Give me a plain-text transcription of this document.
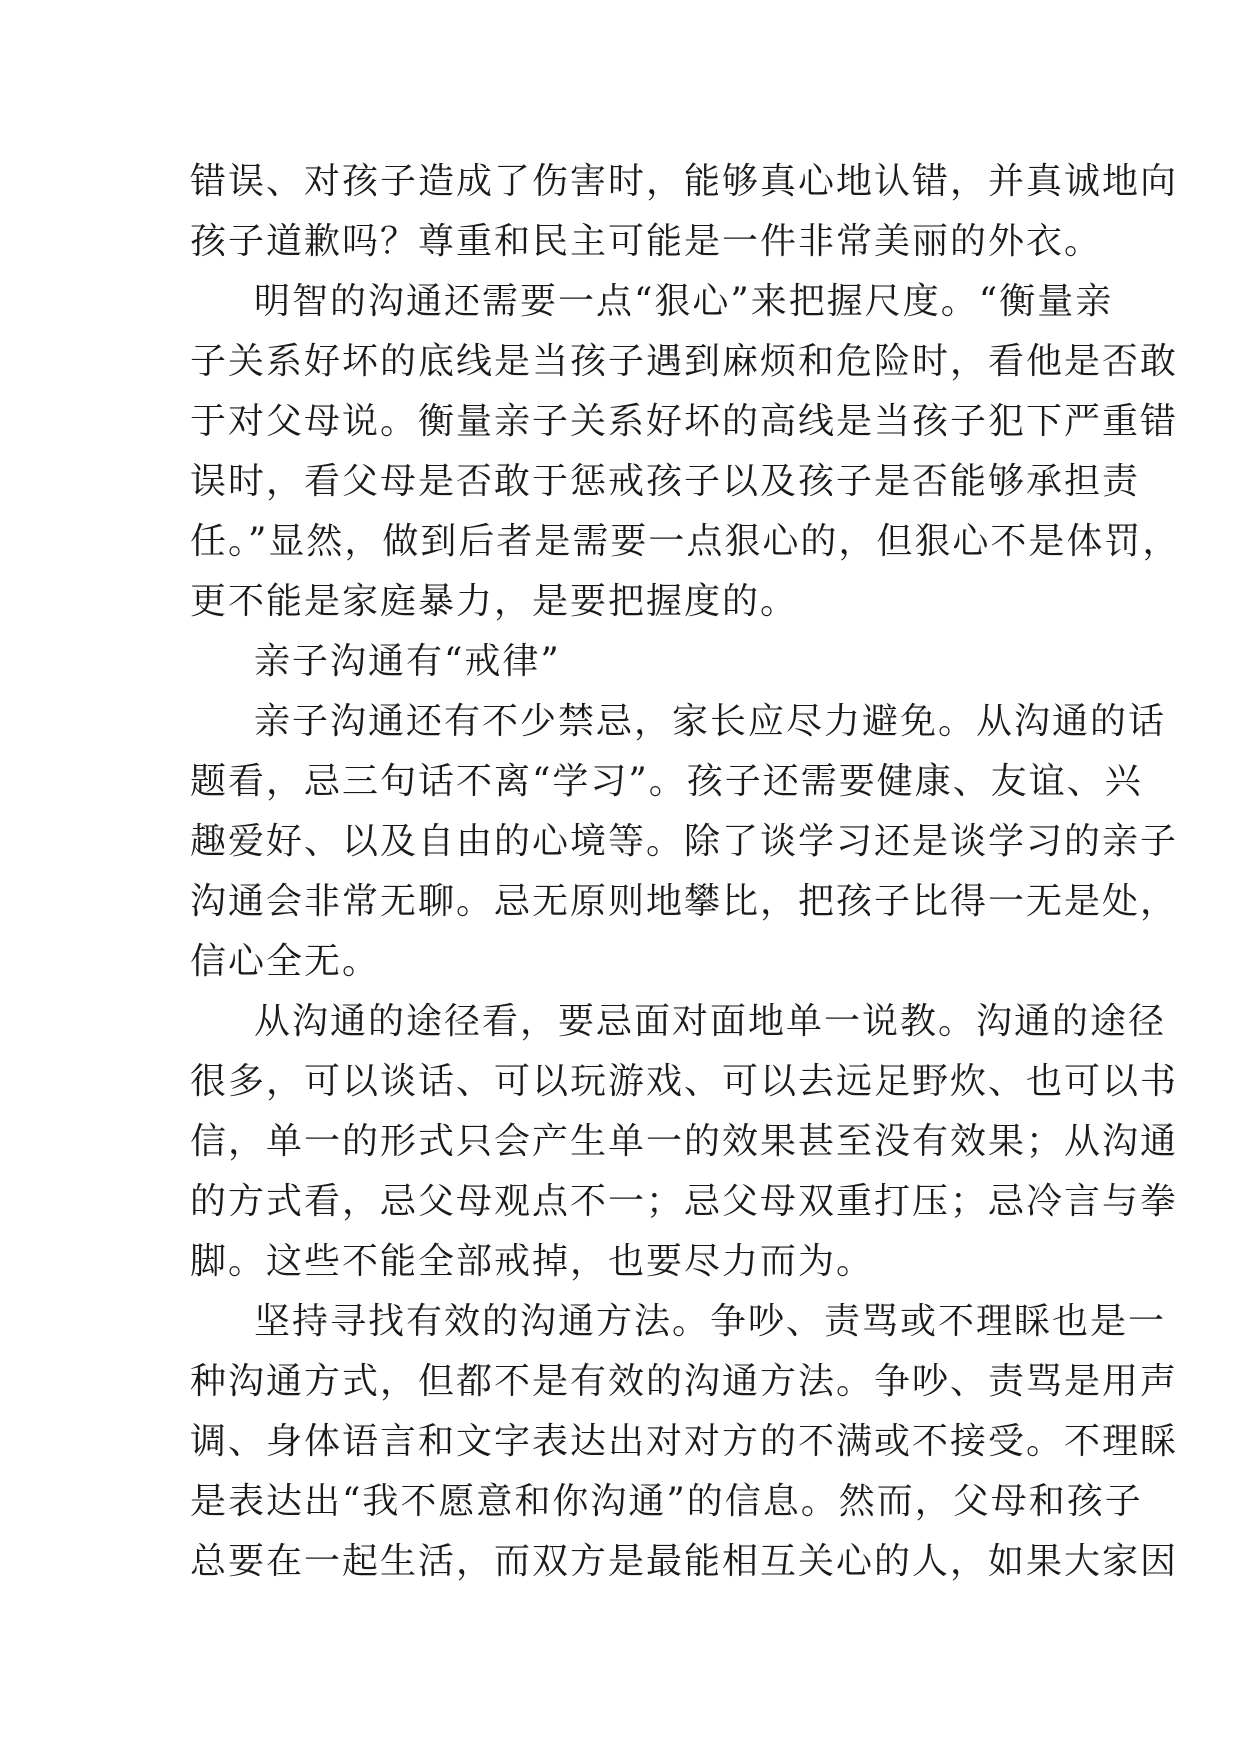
错误、对孩子造成了伤害时，能够真心地认错，并真诚地向
孩子道歉吗？尊重和民主可能是一件非常美丽的外衣。
明智的沟通还需要一点“狠心”来把握尺度。“衡量亲
子关系好坏的底线是当孩子遇到麻烦和危险时，看他是否敢
于对父母说。衡量亲子关系好坏的高线是当孩子犯下严重错
误时，看父母是否敢于惩戒孩子以及孩子是否能够承担责
任。”显然，做到后者是需要一点狠心的，但狠心不是体罚，
更不能是家庭暴力，是要把握度的。
亲子沟通有“戒律”
亲子沟通还有不少禁忌，家长应尽力避免。从沟通的话
题看，忌三句话不离“学习”。孩子还需要健康、友谊、兴
趣爱好、以及自由的心境等。除了谈学习还是谈学习的亲子
沟通会非常无聊。忌无原则地攀比，把孩子比得一无是处，
信心全无。
从沟通的途径看，要忌面对面地单一说教。沟通的途径
很多，可以谈话、可以玩游戏、可以去远足野炊、也可以书
信，单一的形式只会产生单一的效果甚至没有效果；从沟通
的方式看，忌父母观点不一；忌父母双重打压；忌冷言与拳
脚。这些不能全部戒掉，也要尽力而为。
坚持寻找有效的沟通方法。争吵、责骂或不理睬也是一
种沟通方式，但都不是有效的沟通方法。争吵、责骂是用声
调、身体语言和文字表达出对对方的不满或不接受。不理睬
是表达出“我不愿意和你沟通”的信息。然而，父母和孩子
总要在一起生活，而双方是最能相互关心的人，如果大家因
